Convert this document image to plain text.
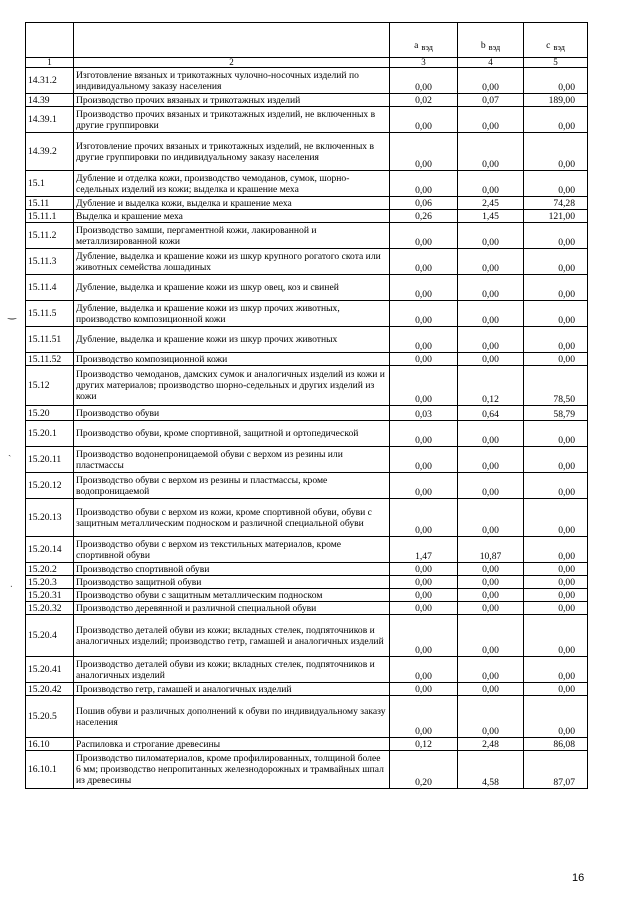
		a $_{вэд}$	b $_{вэд}$	c $_{вэд}$
1	2	3	4	5
14.31.2	Изготовление вязаных и трикотажных чулочно-носочных изделий по индивидуальному заказу населения	0,00	0,00	0,00
14.39	Производство прочих вязаных и трикотажных изделий	0,02	0,07	189,00
14.39.1	Производство прочих вязаных и трикотажных изделий, не включенных в другие группировки	0,00	0,00	0,00
14.39.2	Изготовление прочих вязаных и трикотажных изделий, не включенных в другие группировки по индивидуальному заказу населения	0,00	0,00	0,00
15.1	Дубление и отделка кожи, производство чемоданов, сумок, шорно-седельных изделий из кожи; выделка и крашение меха	0,00	0,00	0,00
15.11	Дубление и выделка кожи, выделка и крашение меха	0,06	2,45	74,28
15.11.1	Выделка и крашение меха	0,26	1,45	121,00
15.11.2	Производство замши, пергаментной кожи, лакированной и металлизированной кожи	0,00	0,00	0,00
15.11.3	Дубление, выделка и крашение кожи из шкур крупного рогатого скота или животных семейства лошадиных	0,00	0,00	0,00
15.11.4	Дубление, выделка и крашение кожи из шкур овец, коз и свиней	0,00	0,00	0,00
15.11.5	Дубление, выделка и крашение кожи из шкур прочих животных, производство композиционной кожи	0,00	0,00	0,00
15.11.51	Дубление, выделка и крашение кожи из шкур прочих животных	0,00	0,00	0,00
15.11.52	Производство композиционной кожи	0,00	0,00	0,00
15.12	Производство чемоданов, дамских сумок и аналогичных изделий из кожи и других материалов; производство шорно-седельных и других изделий из кожи	0,00	0,12	78,50
15.20	Производство обуви	0,03	0,64	58,79
15.20.1	Производство обуви, кроме спортивной, защитной и ортопедической	0,00	0,00	0,00
15.20.11	Производство водонепроницаемой обуви с верхом из резины или пластмассы	0,00	0,00	0,00
15.20.12	Производство обуви с верхом из резины и пластмассы, кроме водопроницаемой	0,00	0,00	0,00
15.20.13	Производство обуви с верхом из кожи, кроме спортивной обуви, обуви с защитным металлическим подноском и различной специальной обуви	0,00	0,00	0,00
15.20.14	Производство обуви с верхом из текстильных материалов, кроме спортивной обуви	1,47	10,87	0,00
15.20.2	Производство спортивной обуви	0,00	0,00	0,00
15.20.3	Производство защитной обуви	0,00	0,00	0,00
15.20.31	Производство обуви с защитным металлическим подноском	0,00	0,00	0,00
15.20.32	Производство деревянной и различной специальной обуви	0,00	0,00	0,00
15.20.4	Производство деталей обуви из кожи; вкладных стелек, подпяточников и аналогичных изделий; производство гетр, гамашей и аналогичных изделий	0,00	0,00	0,00
15.20.41	Производство деталей обуви из кожи; вкладных стелек, подпяточников и аналогичных изделий	0,00	0,00	0,00
15.20.42	Производство гетр, гамашей и аналогичных изделий	0,00	0,00	0,00
15.20.5	Пошив обуви и различных дополнений к обуви по индивидуальному заказу населения	0,00	0,00	0,00
16.10	Распиловка и строгание древесины	0,12	2,48	86,08
16.10.1	Производство пиломатериалов, кроме профилированных, толщиной более 6 мм; производство непропитанных железнодорожных и трамвайных шпал из древесины	0,20	4,58	87,07
‿
ˎ
ˑ
16
